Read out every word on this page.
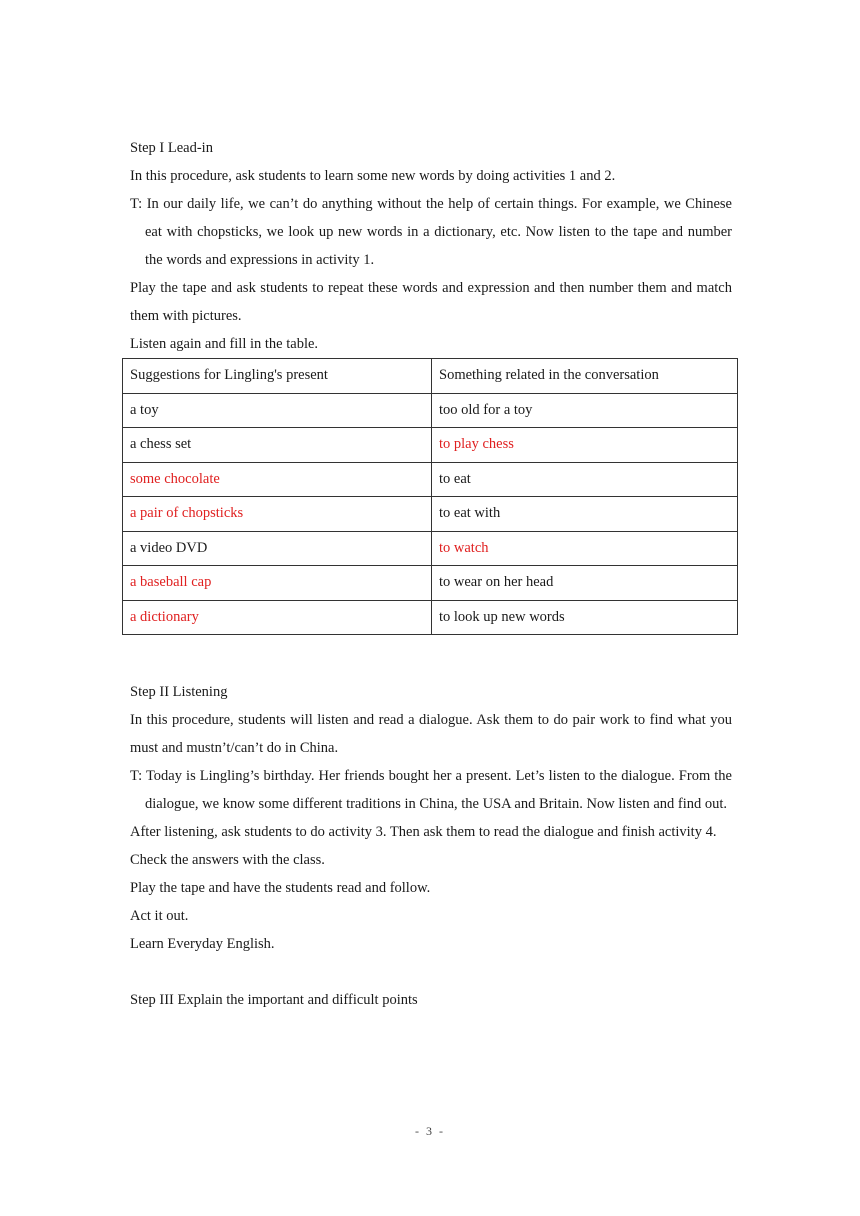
Step I Lead-in

In this procedure, ask students to learn some new words by doing activities 1 and 2.

T: In our daily life, we can’t do anything without the help of certain things. For example, we Chinese eat with chopsticks, we look up new words in a dictionary, etc. Now listen to the tape and number the words and expressions in activity 1.

Play the tape and ask students to repeat these words and expression and then number them and match them with pictures.

Listen again and fill in the table.

Suggestions for Lingling's present	Something related in the conversation
a toy	too old for a toy
a chess set	to play chess
some chocolate	to eat
a pair of chopsticks	to eat with
a video DVD	to watch
a baseball cap	to wear on her head
a dictionary	to look up new words

Step II Listening

In this procedure, students will listen and read a dialogue. Ask them to do pair work to find what you must and mustn’t/can’t do in China.

T: Today is Lingling’s birthday. Her friends bought her a present. Let’s listen to the dialogue. From the dialogue, we know some different traditions in China, the USA and Britain. Now listen and find out.

After listening, ask students to do activity 3. Then ask them to read the dialogue and finish activity 4.

Check the answers with the class.

Play the tape and have the students read and follow.

Act it out.

Learn Everyday English.

Step III Explain the important and difficult points

- 3 -
